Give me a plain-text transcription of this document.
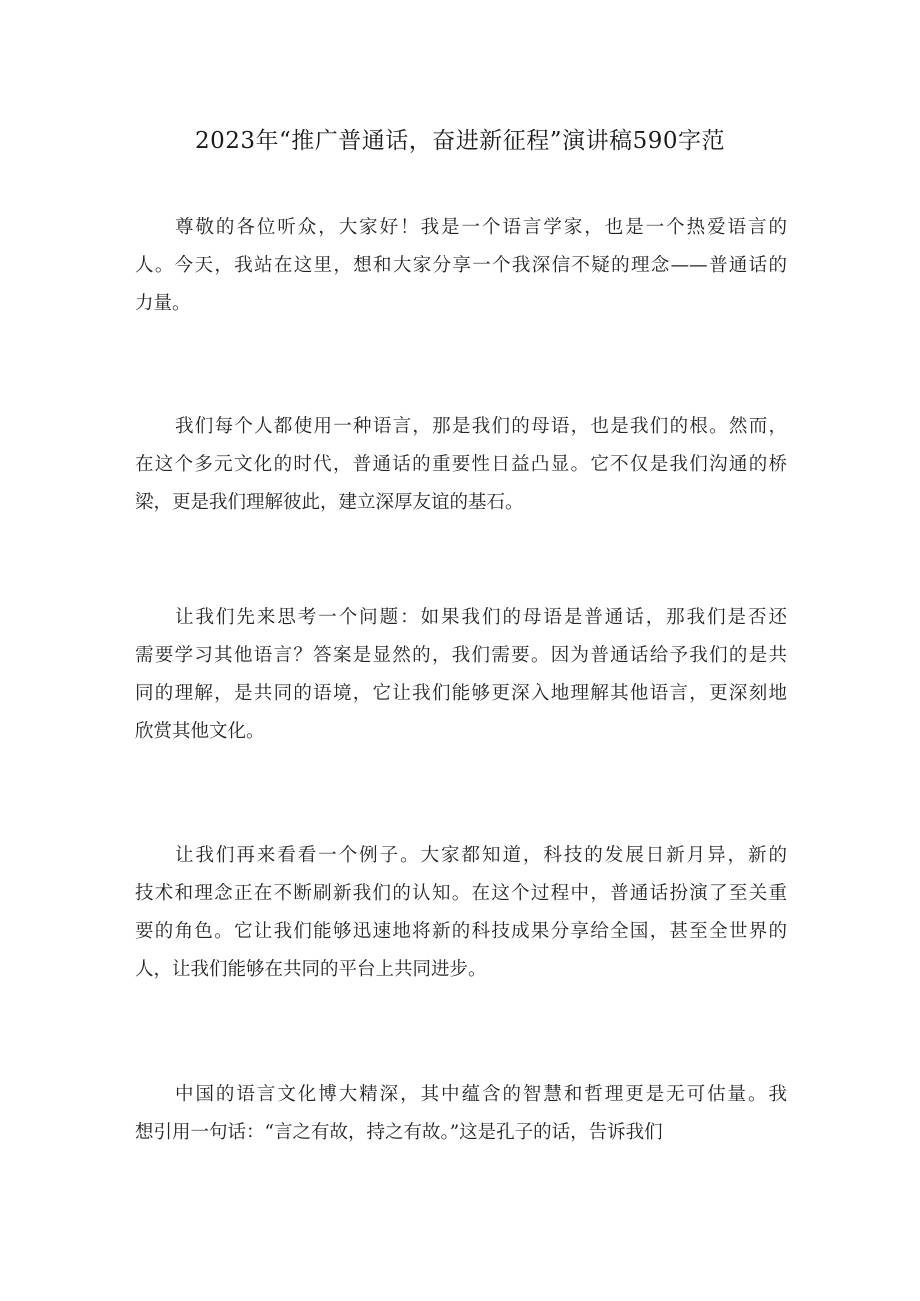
2023年“推广普通话，奋进新征程”演讲稿590字范
尊敬的各位听众，大家好！我是一个语言学家，也是一个热爱语言的
人。今天，我站在这里，想和大家分享一个我深信不疑的理念——普通话的
力量。
我们每个人都使用一种语言，那是我们的母语，也是我们的根。然而，
在这个多元文化的时代，普通话的重要性日益凸显。它不仅是我们沟通的桥
梁，更是我们理解彼此，建立深厚友谊的基石。
让我们先来思考一个问题：如果我们的母语是普通话，那我们是否还
需要学习其他语言？答案是显然的，我们需要。因为普通话给予我们的是共
同的理解，是共同的语境，它让我们能够更深入地理解其他语言，更深刻地
欣赏其他文化。
让我们再来看看一个例子。大家都知道，科技的发展日新月异，新的
技术和理念正在不断刷新我们的认知。在这个过程中，普通话扮演了至关重
要的角色。它让我们能够迅速地将新的科技成果分享给全国，甚至全世界的
人，让我们能够在共同的平台上共同进步。
中国的语言文化博大精深，其中蕴含的智慧和哲理更是无可估量。我
想引用一句话：“言之有故，持之有故。”这是孔子的话，告诉我们
